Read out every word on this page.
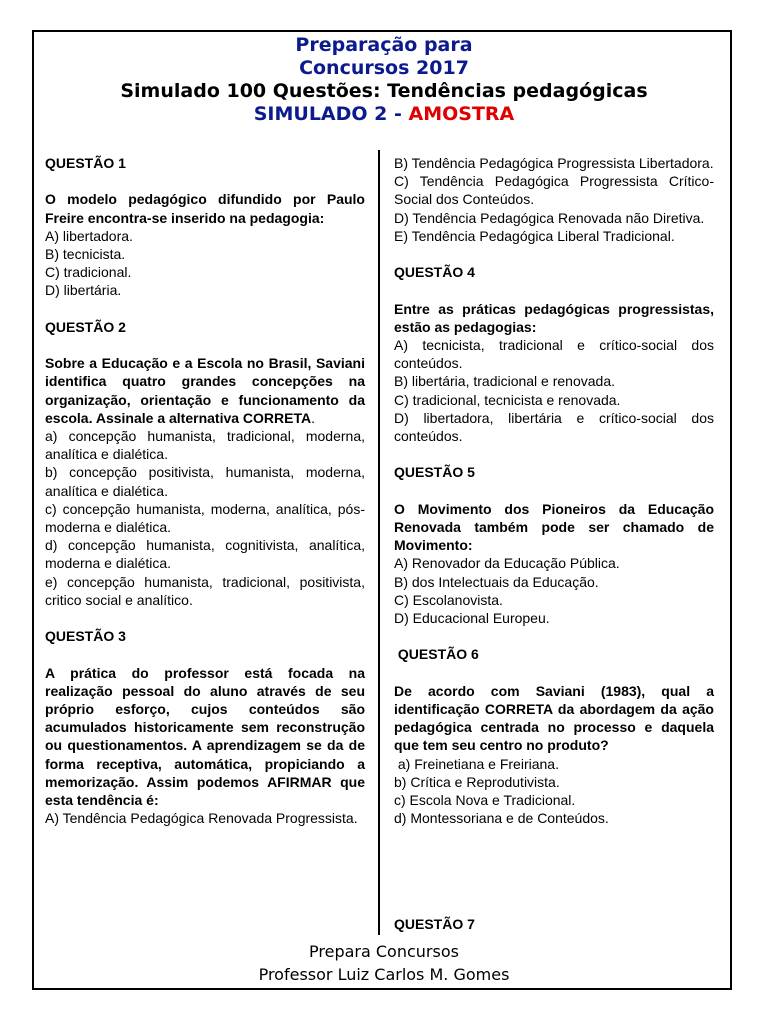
Preparação para
Concursos 2017
Simulado 100 Questões: Tendências pedagógicas
SIMULADO 2 - AMOSTRA
QUESTÃO 1

O modelo pedagógico difundido por Paulo Freire encontra-se inserido na pedagogia:

A) libertadora.
B) tecnicista.
C) tradicional.
D) libertária.
QUESTÃO 2

Sobre a Educação e a Escola no Brasil, Saviani identifica quatro grandes concepções na organização, orientação e funcionamento da escola. Assinale a alternativa CORRETA.

a) concepção humanista, tradicional, moderna, analítica e dialética.

b) concepção positivista, humanista, moderna, analítica e dialética.

c) concepção humanista, moderna, analítica, pós- moderna e dialética.

d) concepção humanista, cognitivista, analítica, moderna e dialética.

e) concepção humanista, tradicional, positivista, critico social e analítico.

QUESTÃO 3

A prática do professor está focada na realização pessoal do aluno através de seu próprio esforço, cujos conteúdos são acumulados historicamente sem reconstrução ou questionamentos. A aprendizagem se da de forma receptiva, automática, propiciando a memorização. Assim podemos AFIRMAR que esta tendência é:

A) Tendência Pedagógica Renovada Progressista.

B) Tendência Pedagógica Progressista Libertadora.

C) Tendência Pedagógica Progressista Crítico-Social dos Conteúdos.

D) Tendência Pedagógica Renovada não Diretiva.

E) Tendência Pedagógica Liberal Tradicional.

QUESTÃO 4

Entre as práticas pedagógicas progressistas, estão as pedagogias:

A) tecnicista, tradicional e crítico-social dos conteúdos.

B) libertária, tradicional e renovada.

C) tradicional, tecnicista e renovada.

D) libertadora, libertária e crítico-social dos conteúdos.

QUESTÃO 5

O Movimento dos Pioneiros da Educação Renovada também pode ser chamado de Movimento:

A) Renovador da Educação Pública.
B) dos Intelectuais da Educação.
C) Escolanovista.
D) Educacional Europeu.
QUESTÃO 6

De acordo com Saviani (1983), qual a identificação CORRETA da abordagem da ação pedagógica centrada no processo e daquela que tem seu centro no produto?

a) Freinetiana e Freiriana.
b) Crítica e Reprodutivista.
c) Escola Nova e Tradicional.
d) Montessoriana e de Conteúdos.
QUESTÃO 7
Prepara Concursos
Professor Luiz Carlos M. Gomes
